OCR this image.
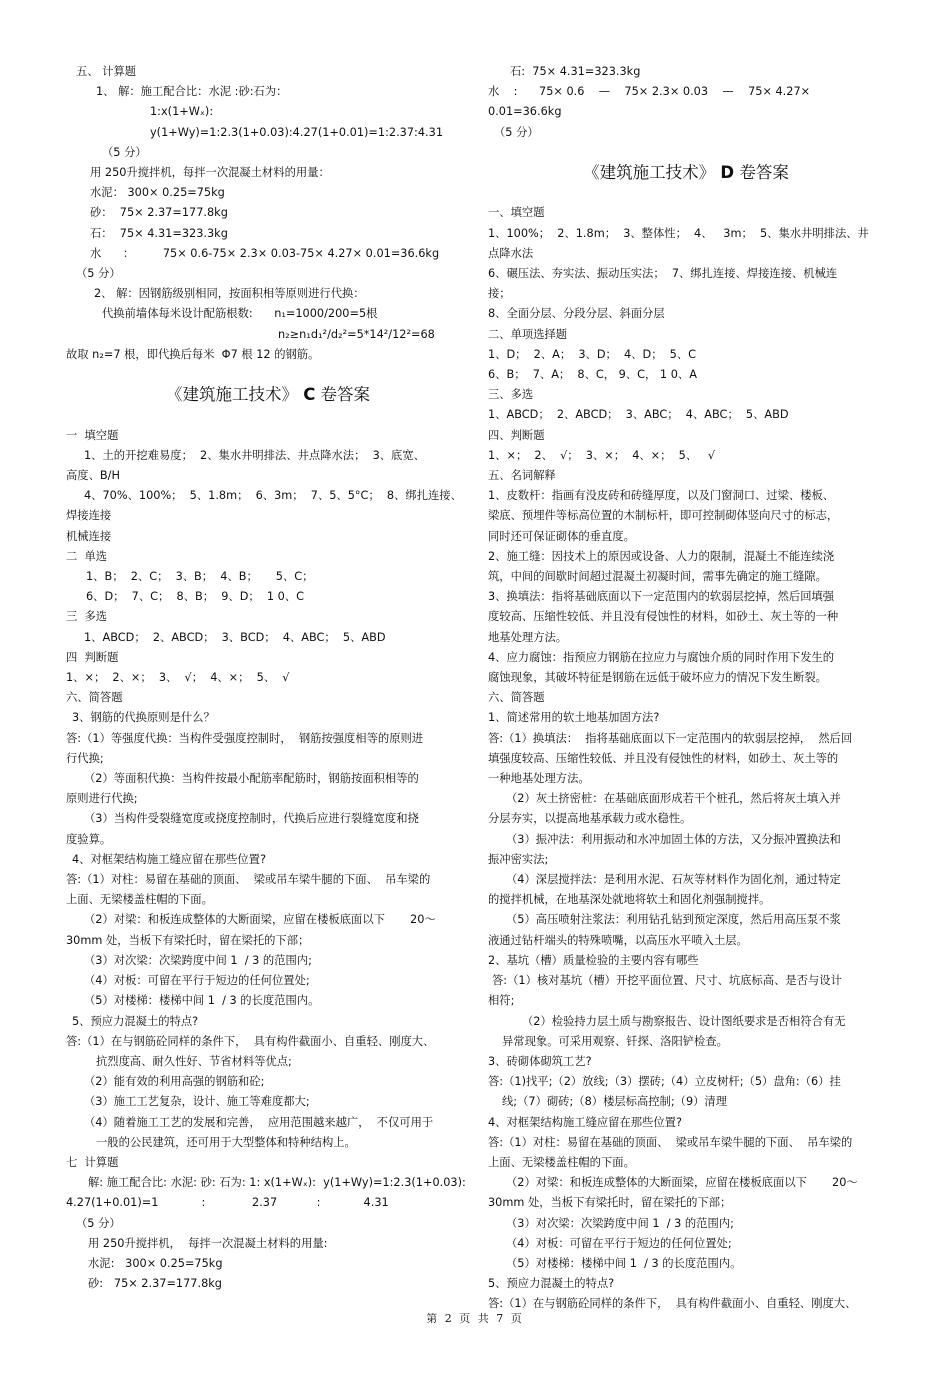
五、 计算题
1、 解：施工配合比：水泥 :砂:石为：
1:x(1+Wₓ): y(1+Wy)=1:2.3(1+0.03):4.27(1+0.01)=1:2.37:4.31
（5 分）
用 250升搅拌机，每拌一次混凝土材料的用量：
水泥： 300× 0.25=75kg
砂：  75× 2.37=177.8kg
石：  75× 4.31=323.3kg
水      ：        75× 0.6-75× 2.3× 0.03-75× 4.27× 0.01=36.6kg
（5 分）
2、 解：因钢筋级别相同，按面积相等原则进行代换：
代换前墙体每米设计配筋根数:      n₁=1000/200=5根
n₂≥n₁d₁²/d₂²=5*14²/12²=68
故取 n₂=7 根，即代换后每米  Φ7 根 12 的钢筋。
《建筑施工技术》 C 卷答案
一  填空题
1、土的开挖难易度；  2、集水井明排法、井点降水法；  3、底宽、
高度、B/H
4、70%、100%；  5、1.8m；  6、3m；  7、5、5°C；  8、绑扎连接、
焊接连接
机械连接
二  单选
1、B；  2、C；  3、B；  4、B；     5、C；
6、D；  7、C；  8、B；  9、D；  1 0、C
三  多选
1、ABCD；  2、ABCD；  3、BCD；  4、ABC；  5、ABD
四  判断题
1、×；  2、×；  3、  √；  4、×；  5、  √
六、简答题
3、钢筋的代换原则是什么？
答:（1）等强度代换：当构件受强度控制时，  钢筋按强度相等的原则进
行代换;
（2）等面积代换：当构件按最小配筋率配筋时，钢筋按面积相等的
原则进行代换;
（3）当构件受裂缝宽度或挠度控制时，代换后应进行裂缝宽度和挠
度验算。
4、对框架结构施工缝应留在那些位置?
答:（1）对柱：易留在基础的顶面、  梁或吊车梁牛腿的下面、  吊车梁的
上面、无梁楼盖柱帽的下面。
（2）对梁：和板连成整体的大断面梁，应留在楼板底面以下       20～
30mm 处，当板下有梁托时，留在梁托的下部；
（3）对次梁：次梁跨度中间 1  / 3 的范围内;
（4）对板：可留在平行于短边的任何位置处;
（5）对楼梯：楼梯中间 1  / 3 的长度范围内。
5、预应力混凝土的特点?
答:（1）在与钢筋砼同样的条件下，  具有构件截面小、自重轻、刚度大、
抗烈度高、耐久性好、节省材料等优点;
（2）能有效的利用高强的钢筋和砼;
（3）施工工艺复杂，设计、施工等难度都大;
（4）随着施工工艺的发展和完善，  应用范围越来越广，  不仅可用于
一般的公民建筑，还可用于大型整体和特种结构上。
七  计算题
解: 施工配合比: 水泥: 砂: 石为: 1: x(1+Wₓ):  y(1+Wy)=1:2.3(1+0.03):
4.27(1+0.01)=1            :             2.37           :            4.31
（5 分）
用 250升搅拌机，  每拌一次混凝土材料的用量:
水泥:   300× 0.25=75kg
砂:   75× 2.37=177.8kg
石:  75× 4.31=323.3kg
水    :      75× 0.6    —    75× 2.3× 0.03    —    75× 4.27× 0.01=36.6kg
（5 分）
《建筑施工技术》 D 卷答案
一、填空题
1、100%；  2、1.8m；  3、整体性；  4、   3m；  5、集水井明排法、井
点降水法
6、碾压法、夯实法、振动压实法；  7、绑扎连接、焊接连接、机械连
接；
8、全面分层、分段分层、斜面分层
二、单项选择题
1、D；  2、A；  3、D；  4、D；  5、C
6、B；  7、A；  8、C， 9、C， 1 0、A
三、多选
1、ABCD；  2、ABCD；  3、ABC；  4、ABC；  5、ABD
四、判断题
1、×；  2、  √；  3、×；  4、×；  5、   √
五、名词解释
1、皮数杆：指画有没皮砖和砖缝厚度，以及门窗洞口、过梁、楼板、
梁底、预埋件等标高位置的木制标杆，即可控制砌体竖向尺寸的标志，
同时还可保证砌体的垂直度。
2、施工缝：因技术上的原因或设备、人力的限制，混凝土不能连续浇
筑，中间的间歇时间超过混凝土初凝时间，需事先确定的施工缝隙。
3、换填法：指将基础底面以下一定范围内的软弱层挖掉，然后回填强
度较高、压缩性较低、并且没有侵蚀性的材料，如砂土、灰土等的一种
地基处理方法。
4、应力腐蚀：指预应力钢筋在拉应力与腐蚀介质的同时作用下发生的
腐蚀现象，其破坏特征是钢筋在远低于破坏应力的情况下发生断裂。
六、简答题
1、简述常用的软土地基加固方法?
答:（1）换填法：  指将基础底面以下一定范围内的软弱层挖掉，  然后回
填强度较高、压缩性较低、并且没有侵蚀性的材料，如砂土、灰土等的
一种地基处理方法。
（2）灰土挤密桩：在基础底面形成若干个桩孔，然后将灰土填入并
分层夯实，以提高地基承载力或水稳性。
（3）振冲法：利用振动和水冲加固土体的方法，又分振冲置换法和
振冲密实法;
（4）深层搅拌法：是利用水泥、石灰等材料作为固化剂，通过特定
的搅拌机械，在地基深处就地将软土和固化剂强制搅拌。
（5）高压喷射注浆法：利用钻孔钻到预定深度，然后用高压泵不浆
液通过钻杆端头的特殊喷嘴，以高压水平喷入土层。
2、基坑（槽）质量检验的主要内容有哪些
答:（1）核对基坑（槽）开挖平面位置、尺寸、坑底标高、是否与设计
相符;
（2）检验持力层土质与勘察报告、设计图纸要求是否相符合有无
异常现象。可采用观察、钎探、洛阳铲检查。
3、砖砌体砌筑工艺?
答:（1)找平;（2）放线;（3）摆砖;（4）立皮树杆;（5）盘角:（6）挂
线;（7）砌砖;（8）楼层标高控制;（9）清理
4、对框架结构施工缝应留在那些位置?
答:（1）对柱：易留在基础的顶面、  梁或吊车梁牛腿的下面、  吊车梁的
上面、无梁楼盖柱帽的下面。
（2）对梁：和板连成整体的大断面梁，应留在楼板底面以下       20～
30mm 处，当板下有梁托时，留在梁托的下部；
（3）对次梁：次梁跨度中间 1  / 3 的范围内;
（4）对板：可留在平行于短边的任何位置处;
（5）对楼梯：楼梯中间 1  / 3 的长度范围内。
5、预应力混凝土的特点?
答:（1）在与钢筋砼同样的条件下，  具有构件截面小、自重轻、刚度大、
第 2 页 共 7 页
